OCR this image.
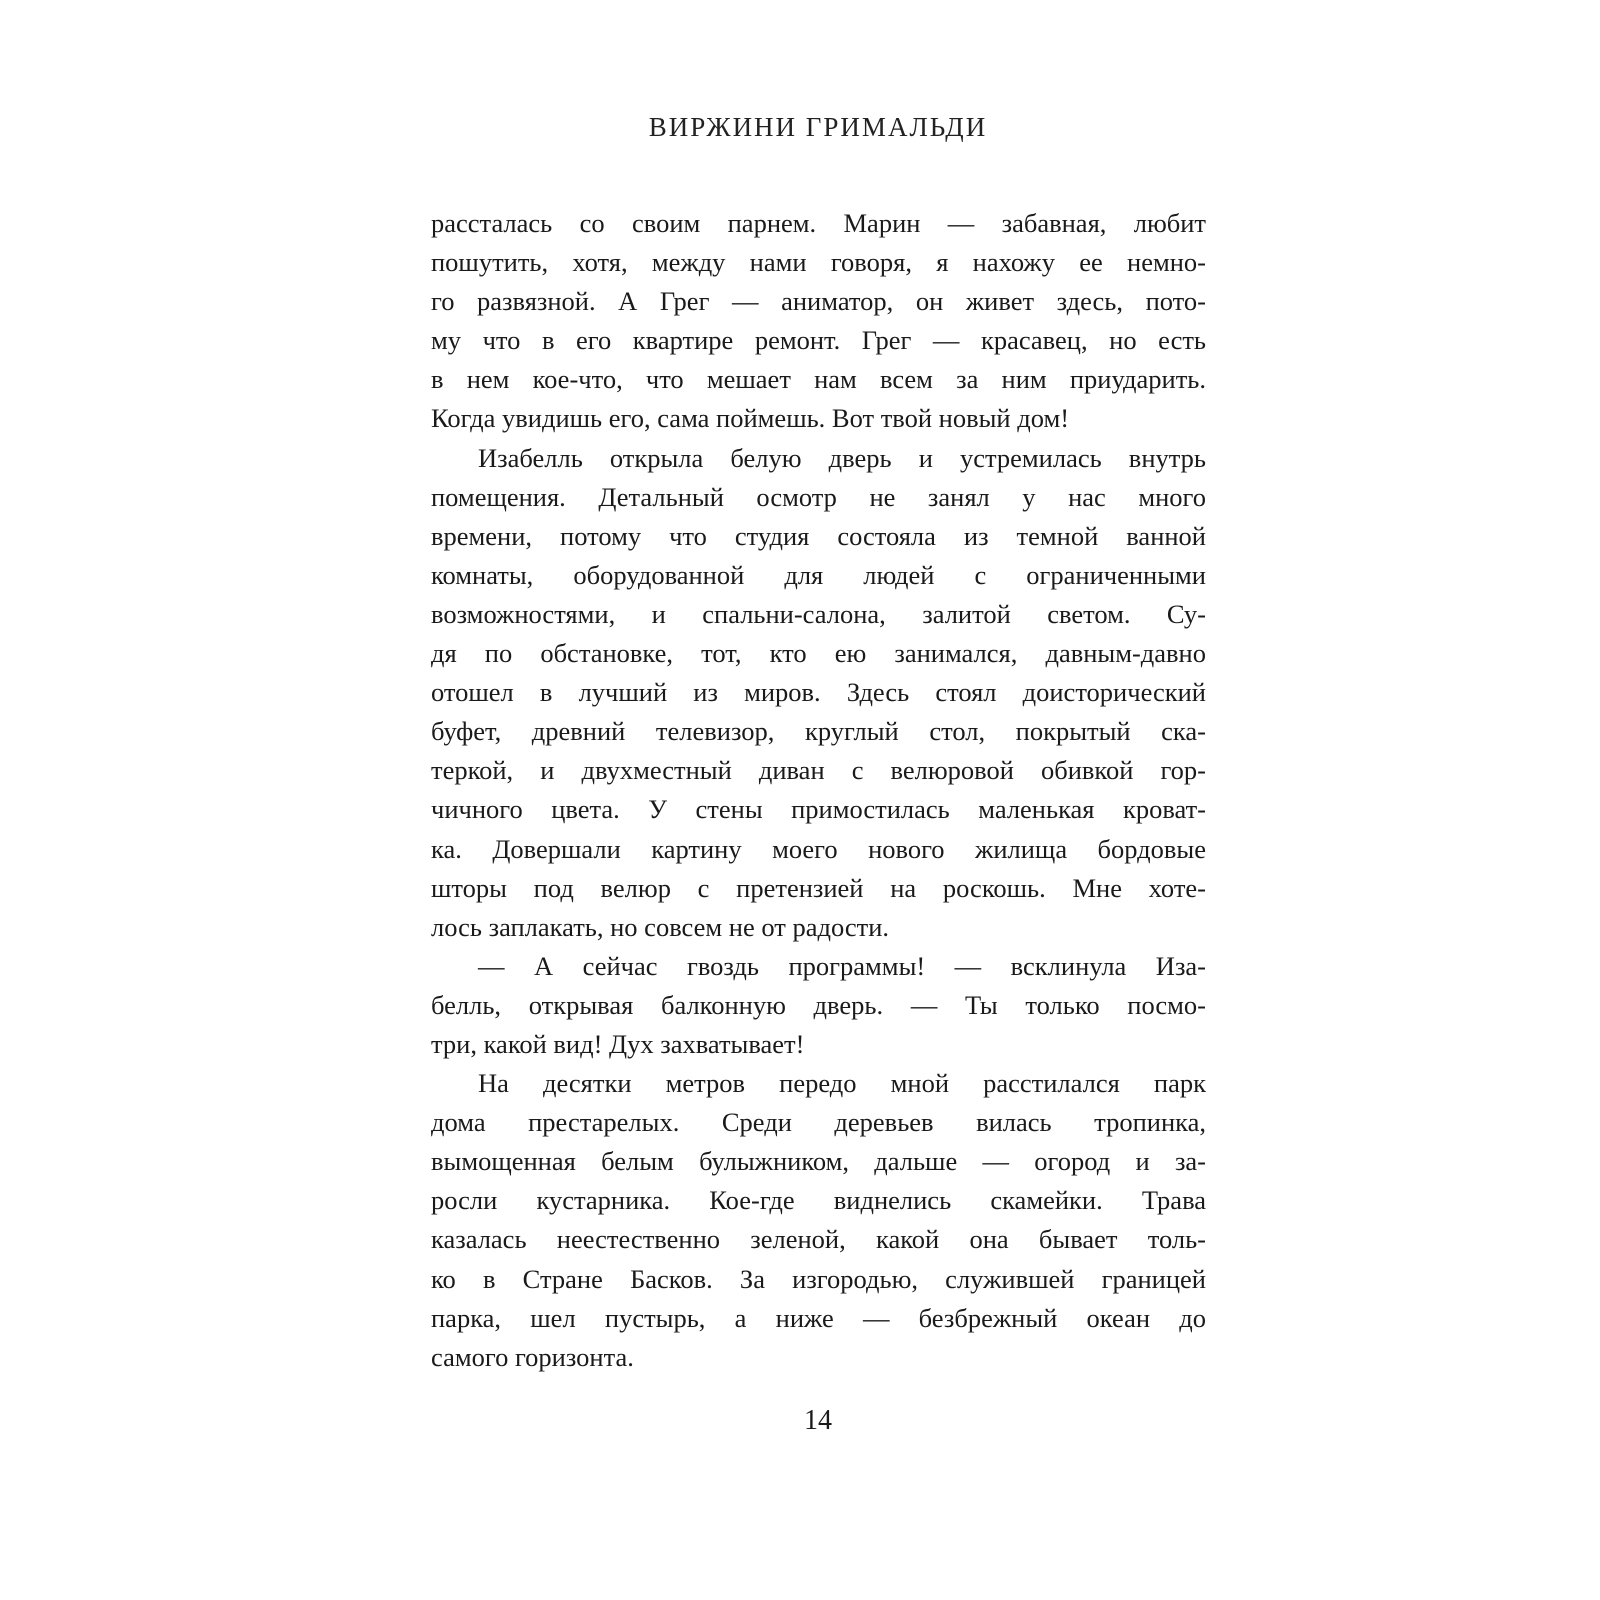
ВИРЖИНИ ГРИМАЛЬДИ
рассталась со своим парнем. Марин — забавная, любит
пошутить, хотя, между нами говоря, я нахожу ее немно-
го развязной. А Грег — аниматор, он живет здесь, пото-
му что в его квартире ремонт. Грег — красавец, но есть
в нем кое-что, что мешает нам всем за ним приударить.
Когда увидишь его, сама поймешь. Вот твой новый дом!
Изабелль открыла белую дверь и устремилась внутрь
помещения. Детальный осмотр не занял у нас много
времени, потому что студия состояла из темной ванной
комнаты, оборудованной для людей с ограниченными
возможностями, и спальни-салона, залитой светом. Су-
дя по обстановке, тот, кто ею занимался, давным-давно
отошел в лучший из миров. Здесь стоял доисторический
буфет, древний телевизор, круглый стол, покрытый ска-
теркой, и двухместный диван с велюровой обивкой гор-
чичного цвета. У стены примостилась маленькая кроват-
ка. Довершали картину моего нового жилища бордовые
шторы под велюр с претензией на роскошь. Мне хоте-
лось заплакать, но совсем не от радости.
— А сейчас гвоздь программы! — всклинула Иза-
белль, открывая балконную дверь. — Ты только посмо-
три, какой вид! Дух захватывает!
На десятки метров передо мной расстилался парк
дома престарелых. Среди деревьев вилась тропинка,
вымощенная белым булыжником, дальше — огород и за-
росли кустарника. Кое-где виднелись скамейки. Трава
казалась неестественно зеленой, какой она бывает толь-
ко в Стране Басков. За изгородью, служившей границей
парка, шел пустырь, а ниже — безбрежный океан до
самого горизонта.
14
